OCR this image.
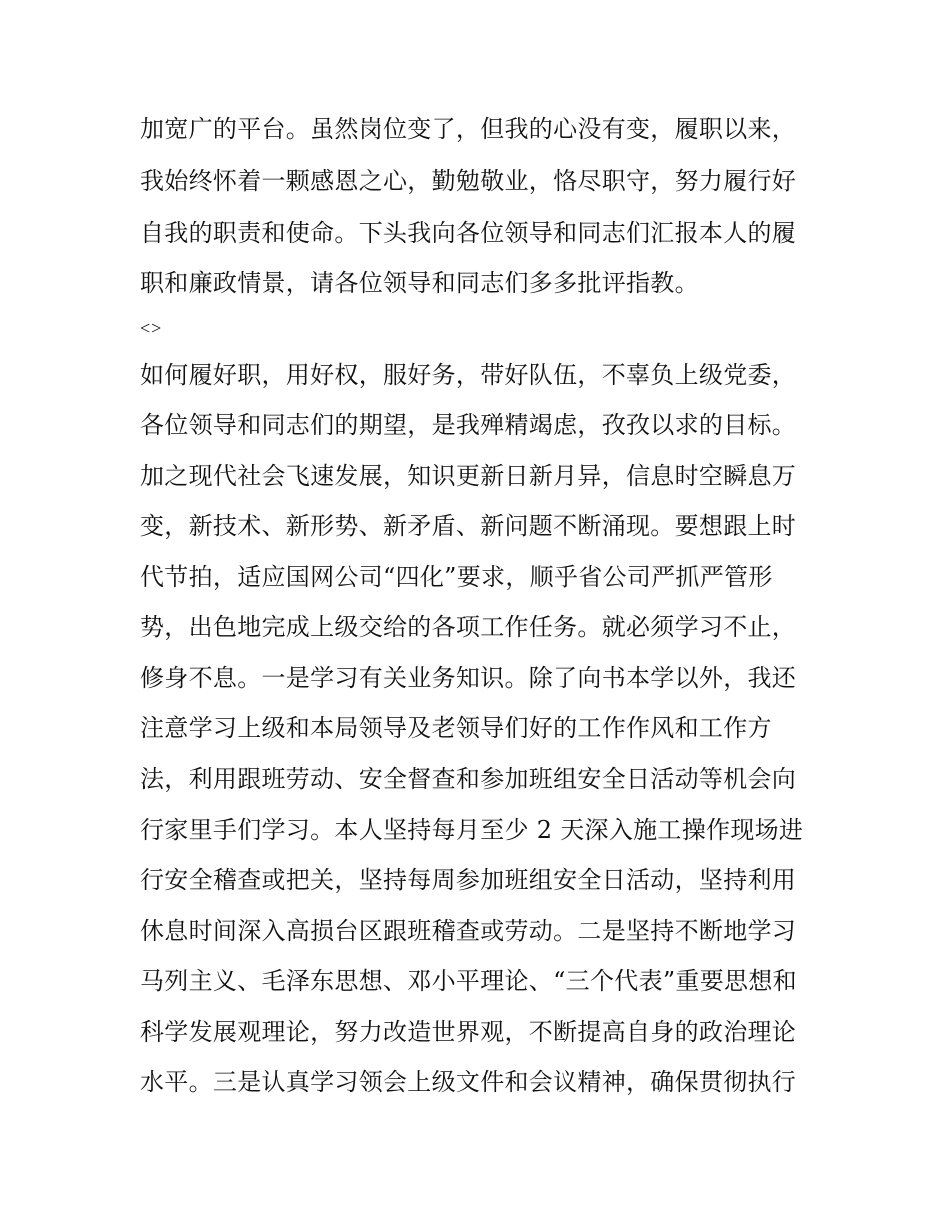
加宽广的平台。虽然岗位变了，但我的心没有变，履职以来，
我始终怀着一颗感恩之心，勤勉敬业，恪尽职守，努力履行好
自我的职责和使命。下头我向各位领导和同志们汇报本人的履
职和廉政情景，请各位领导和同志们多多批评指教。
<>
如何履好职，用好权，服好务，带好队伍，不辜负上级党委，
各位领导和同志们的期望，是我殚精竭虑，孜孜以求的目标。
加之现代社会飞速发展，知识更新日新月异，信息时空瞬息万
变，新技术、新形势、新矛盾、新问题不断涌现。要想跟上时
代节拍，适应国网公司“四化”要求，顺乎省公司严抓严管形
势，出色地完成上级交给的各项工作任务。就必须学习不止，
修身不息。一是学习有关业务知识。除了向书本学以外，我还
注意学习上级和本局领导及老领导们好的工作作风和工作方
法，利用跟班劳动、安全督查和参加班组安全日活动等机会向
行家里手们学习。本人坚持每月至少 2 天深入施工操作现场进
行安全稽查或把关，坚持每周参加班组安全日活动，坚持利用
休息时间深入高损台区跟班稽查或劳动。二是坚持不断地学习
马列主义、毛泽东思想、邓小平理论、“三个代表”重要思想和
科学发展观理论，努力改造世界观，不断提高自身的政治理论
水平。三是认真学习领会上级文件和会议精神，确保贯彻执行
